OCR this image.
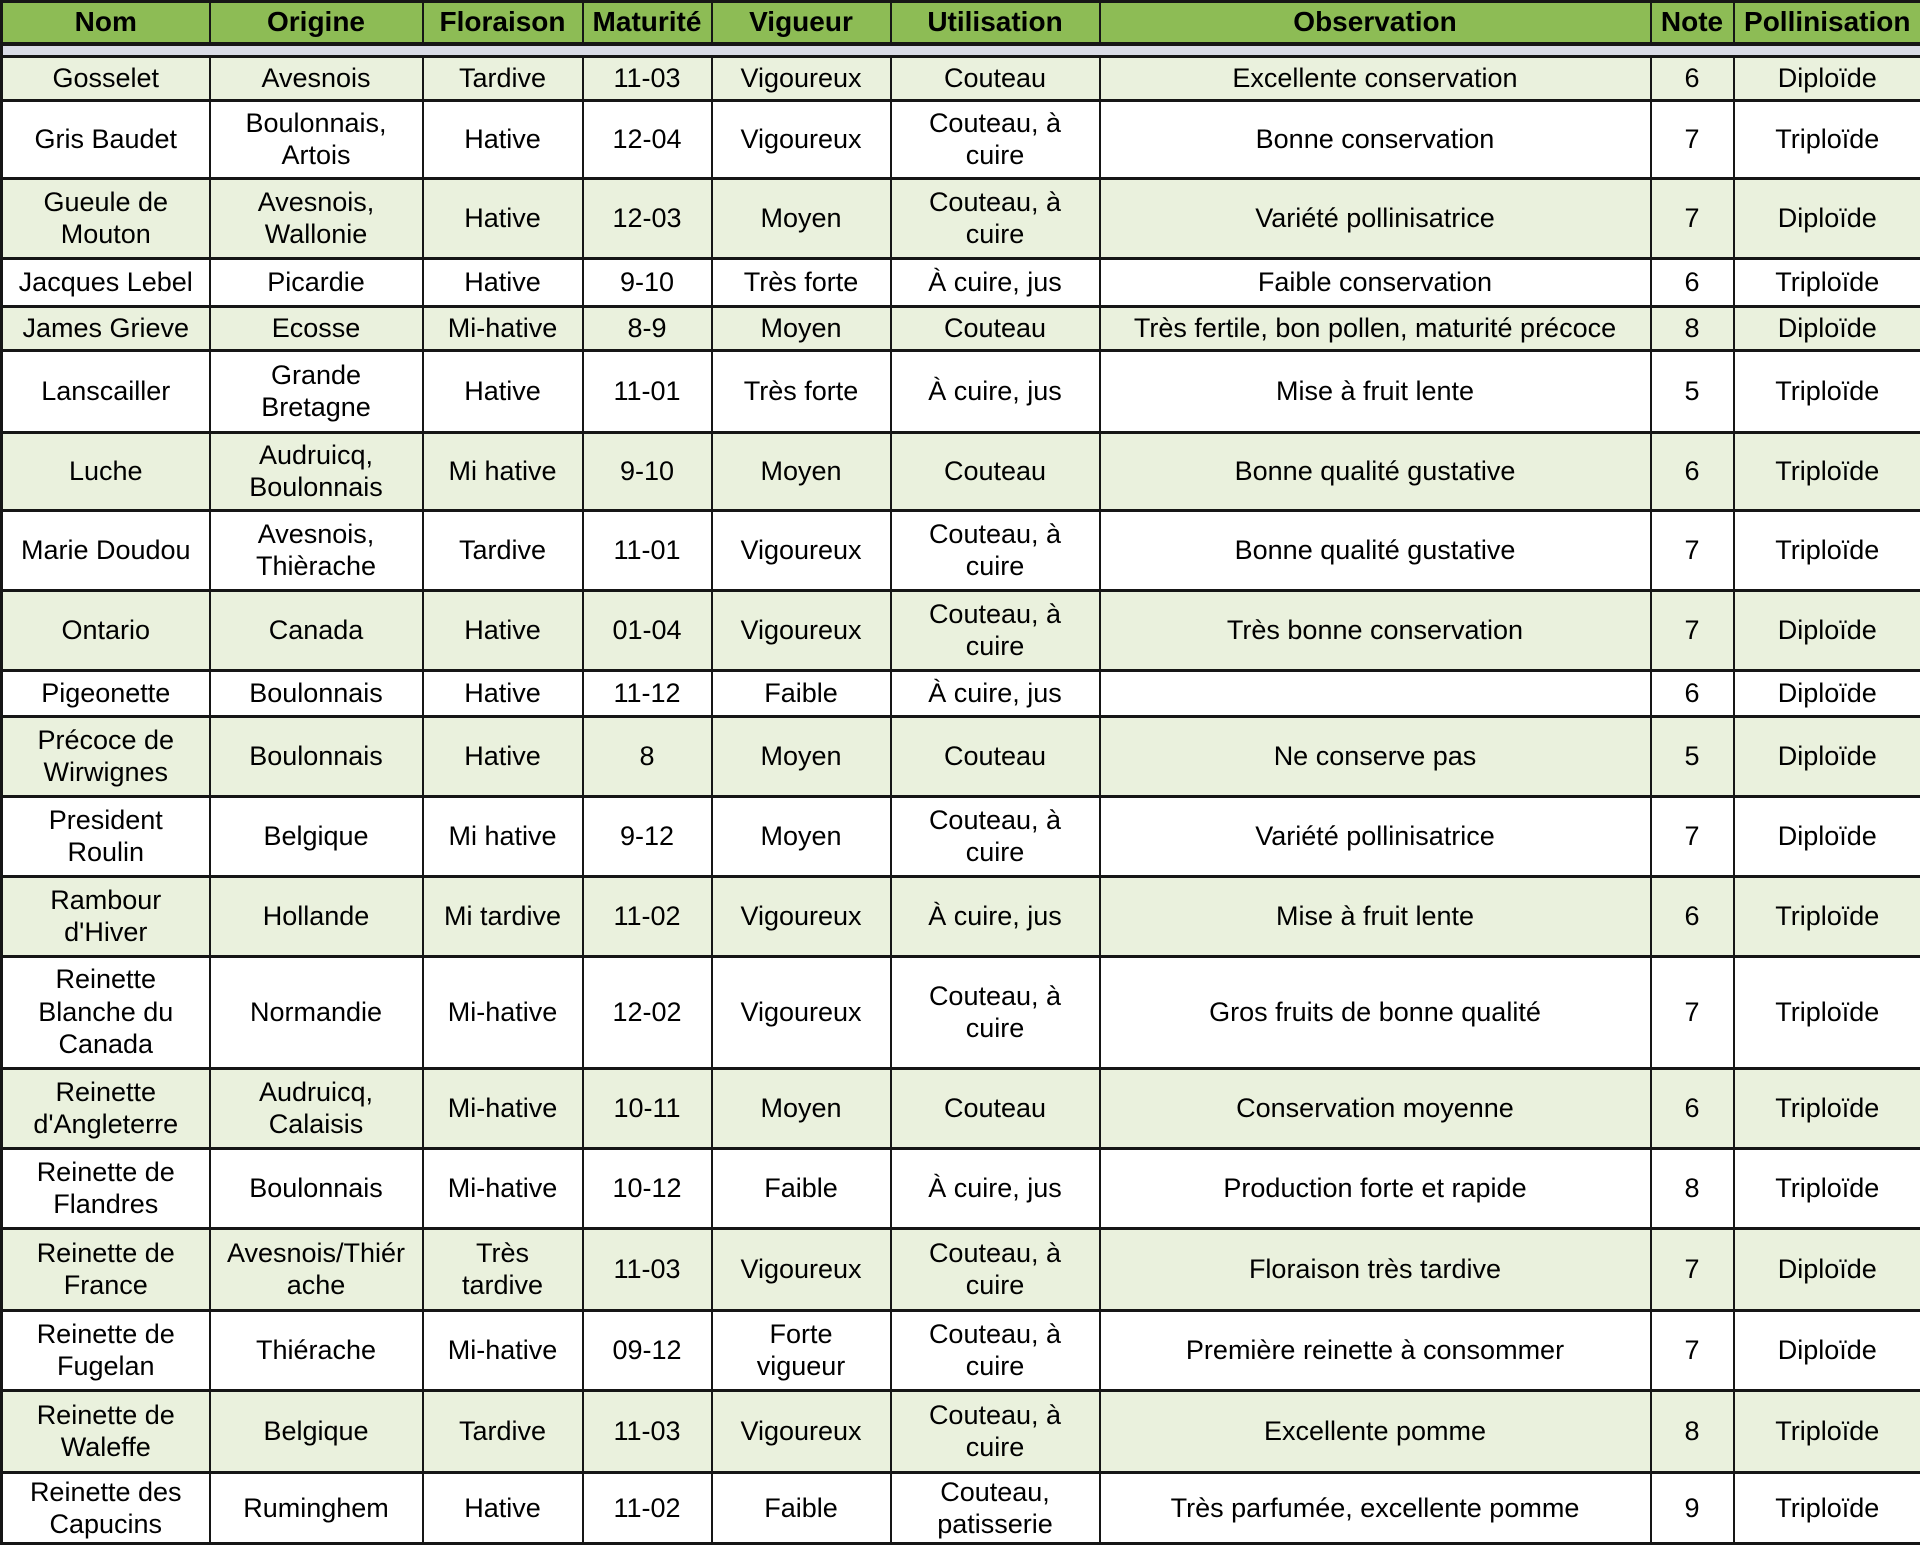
Nom	Origine	Floraison	Maturité	Vigueur	Utilisation	Observation	Note	Pollinisation

Gosselet	Avesnois	Tardive	11-03	Vigoureux	Couteau	Excellente conservation	6	Diploïde
Gris Baudet	Boulonnais, Artois	Hative	12-04	Vigoureux	Couteau, à cuire	Bonne conservation	7	Triploïde
Gueule de Mouton	Avesnois, Wallonie	Hative	12-03	Moyen	Couteau, à cuire	Variété pollinisatrice	7	Diploïde
Jacques Lebel	Picardie	Hative	9-10	Très forte	À cuire, jus	Faible conservation	6	Triploïde
James Grieve	Ecosse	Mi-hative	8-9	Moyen	Couteau	Très fertile, bon pollen, maturité précoce	8	Diploïde
Lanscailler	Grande Bretagne	Hative	11-01	Très forte	À cuire, jus	Mise à fruit lente	5	Triploïde
Luche	Audruicq, Boulonnais	Mi hative	9-10	Moyen	Couteau	Bonne qualité gustative	6	Triploïde
Marie Doudou	Avesnois, Thièrache	Tardive	11-01	Vigoureux	Couteau, à cuire	Bonne qualité gustative	7	Triploïde
Ontario	Canada	Hative	01-04	Vigoureux	Couteau, à cuire	Très bonne conservation	7	Diploïde
Pigeonette	Boulonnais	Hative	11-12	Faible	À cuire, jus		6	Diploïde
Précoce de Wirwignes	Boulonnais	Hative	8	Moyen	Couteau	Ne conserve pas	5	Diploïde
President Roulin	Belgique	Mi hative	9-12	Moyen	Couteau, à cuire	Variété pollinisatrice	7	Diploïde
Rambour d'Hiver	Hollande	Mi tardive	11-02	Vigoureux	À cuire, jus	Mise à fruit lente	6	Triploïde
Reinette Blanche du Canada	Normandie	Mi-hative	12-02	Vigoureux	Couteau, à cuire	Gros fruits de bonne qualité	7	Triploïde
Reinette d'Angleterre	Audruicq, Calaisis	Mi-hative	10-11	Moyen	Couteau	Conservation moyenne	6	Triploïde
Reinette de Flandres	Boulonnais	Mi-hative	10-12	Faible	À cuire, jus	Production forte et rapide	8	Triploïde
Reinette de France	Avesnois/Thiérache	Très tardive	11-03	Vigoureux	Couteau, à cuire	Floraison très tardive	7	Diploïde
Reinette de Fugelan	Thiérache	Mi-hative	09-12	Forte vigueur	Couteau, à cuire	Première reinette à consommer	7	Diploïde
Reinette de Waleffe	Belgique	Tardive	11-03	Vigoureux	Couteau, à cuire	Excellente pomme	8	Triploïde
Reinette des Capucins	Ruminghem	Hative	11-02	Faible	Couteau, patisserie	Très parfumée, excellente pomme	9	Triploïde
